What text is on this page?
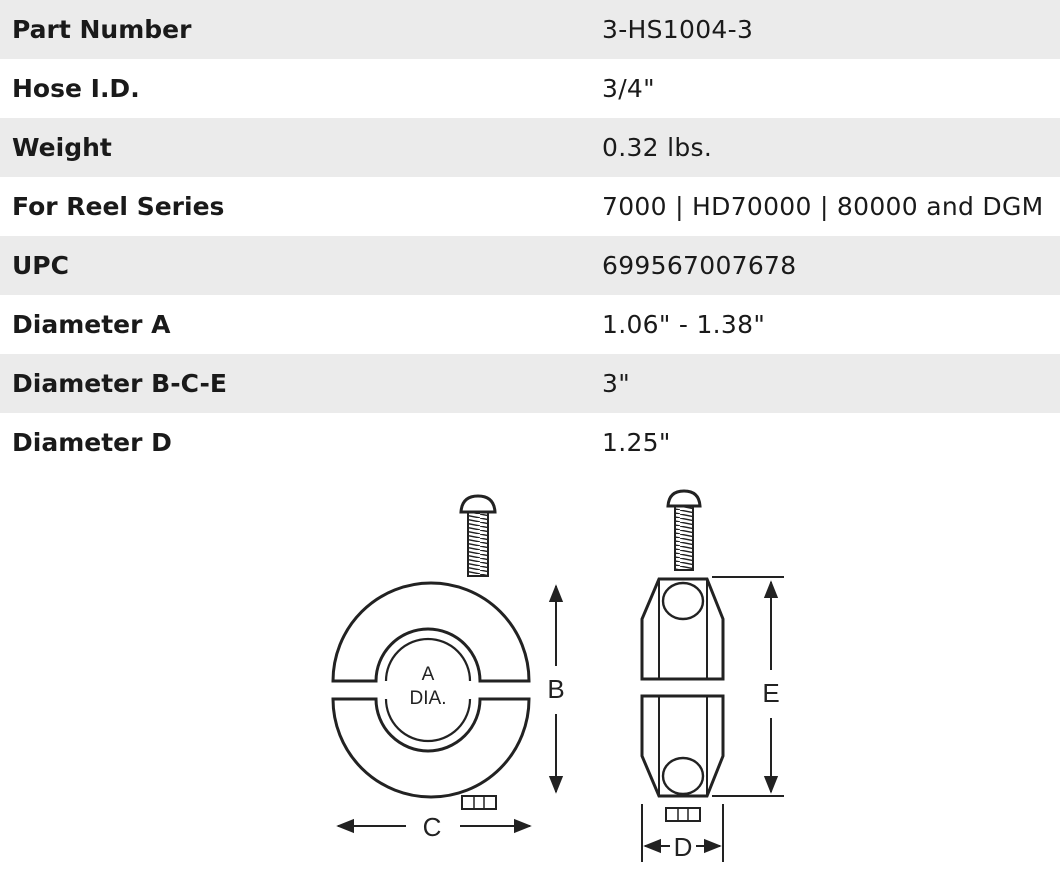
Part Number	3-HS1004-3
Hose I.D.	3/4"
Weight	0.32 lbs.
For Reel Series	7000 | HD70000 | 80000 and DGM
UPC	699567007678
Diameter A	1.06" - 1.38"
Diameter B-C-E	3"
Diameter D	1.25"
A
DIA.	B
C
E
D
